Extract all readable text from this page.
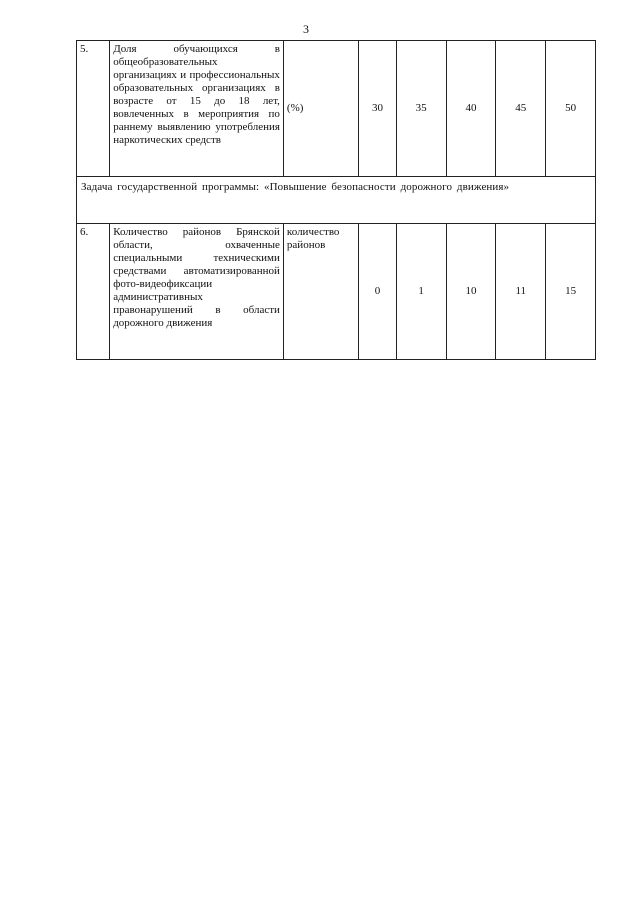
3
5.	Доля обучающихся в общеобразовательных организациях и профессиональных образовательных организациях в возрасте от 15 до 18 лет, вовлеченных в мероприятия по раннему выявлению употребления наркотических средств	(%)	30	35	40	45	50
Задача государственной программы: «Повышение безопасности дорожного движения»							
6.	Количество районов Брянской области, охваченные специальными техническими средствами автоматизированной фото-видеофиксации административных правонарушений в области дорожного движения	количество районов	0	1	10	11	15
